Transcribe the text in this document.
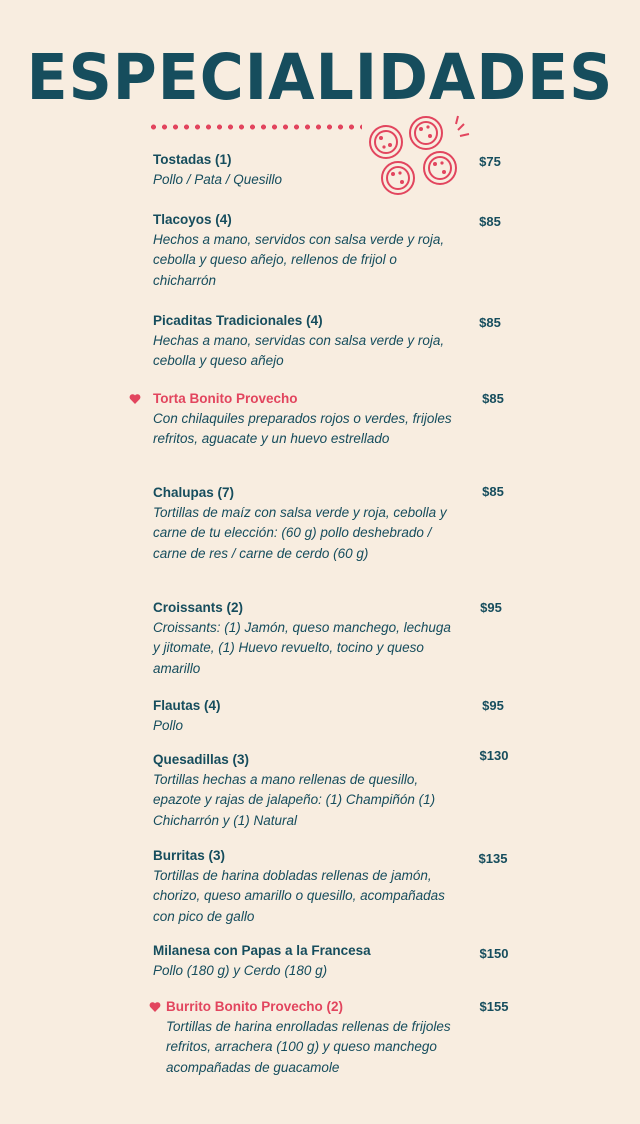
ESPECIALIDADES
Tostadas (1)
Pollo / Pata / Quesillo
$75
Tlacoyos (4)
Hechos a mano, servidos con salsa verde y roja, cebolla y queso añejo, rellenos de frijol o chicharrón
$85
Picaditas Tradicionales (4)
Hechas a mano, servidas con salsa verde y roja, cebolla y queso añejo
$85
Torta Bonito Provecho
Con chilaquiles preparados rojos o verdes, frijoles refritos, aguacate y un huevo estrellado
$85
Chalupas (7)
Tortillas de maíz con salsa verde y roja, cebolla y carne de tu elección: (60 g) pollo deshebrado / carne de res / carne de cerdo (60 g)
$85
Croissants (2)
Croissants: (1) Jamón, queso manchego, lechuga y jitomate, (1) Huevo revuelto, tocino y queso amarillo
$95
Flautas (4)
Pollo
$95
Quesadillas (3)
Tortillas hechas a mano rellenas de quesillo, epazote y rajas de jalapeño: (1) Champiñón (1) Chicharrón y (1) Natural
$130
Burritas (3)
Tortillas de harina dobladas rellenas de jamón, chorizo, queso amarillo o quesillo, acompañadas con pico de gallo
$135
Milanesa con Papas a la Francesa
Pollo (180 g) y Cerdo (180 g)
$150
Burrito Bonito Provecho (2)
Tortillas de harina enrolladas rellenas de frijoles refritos, arrachera (100 g) y queso manchego acompañadas de guacamole
$155
